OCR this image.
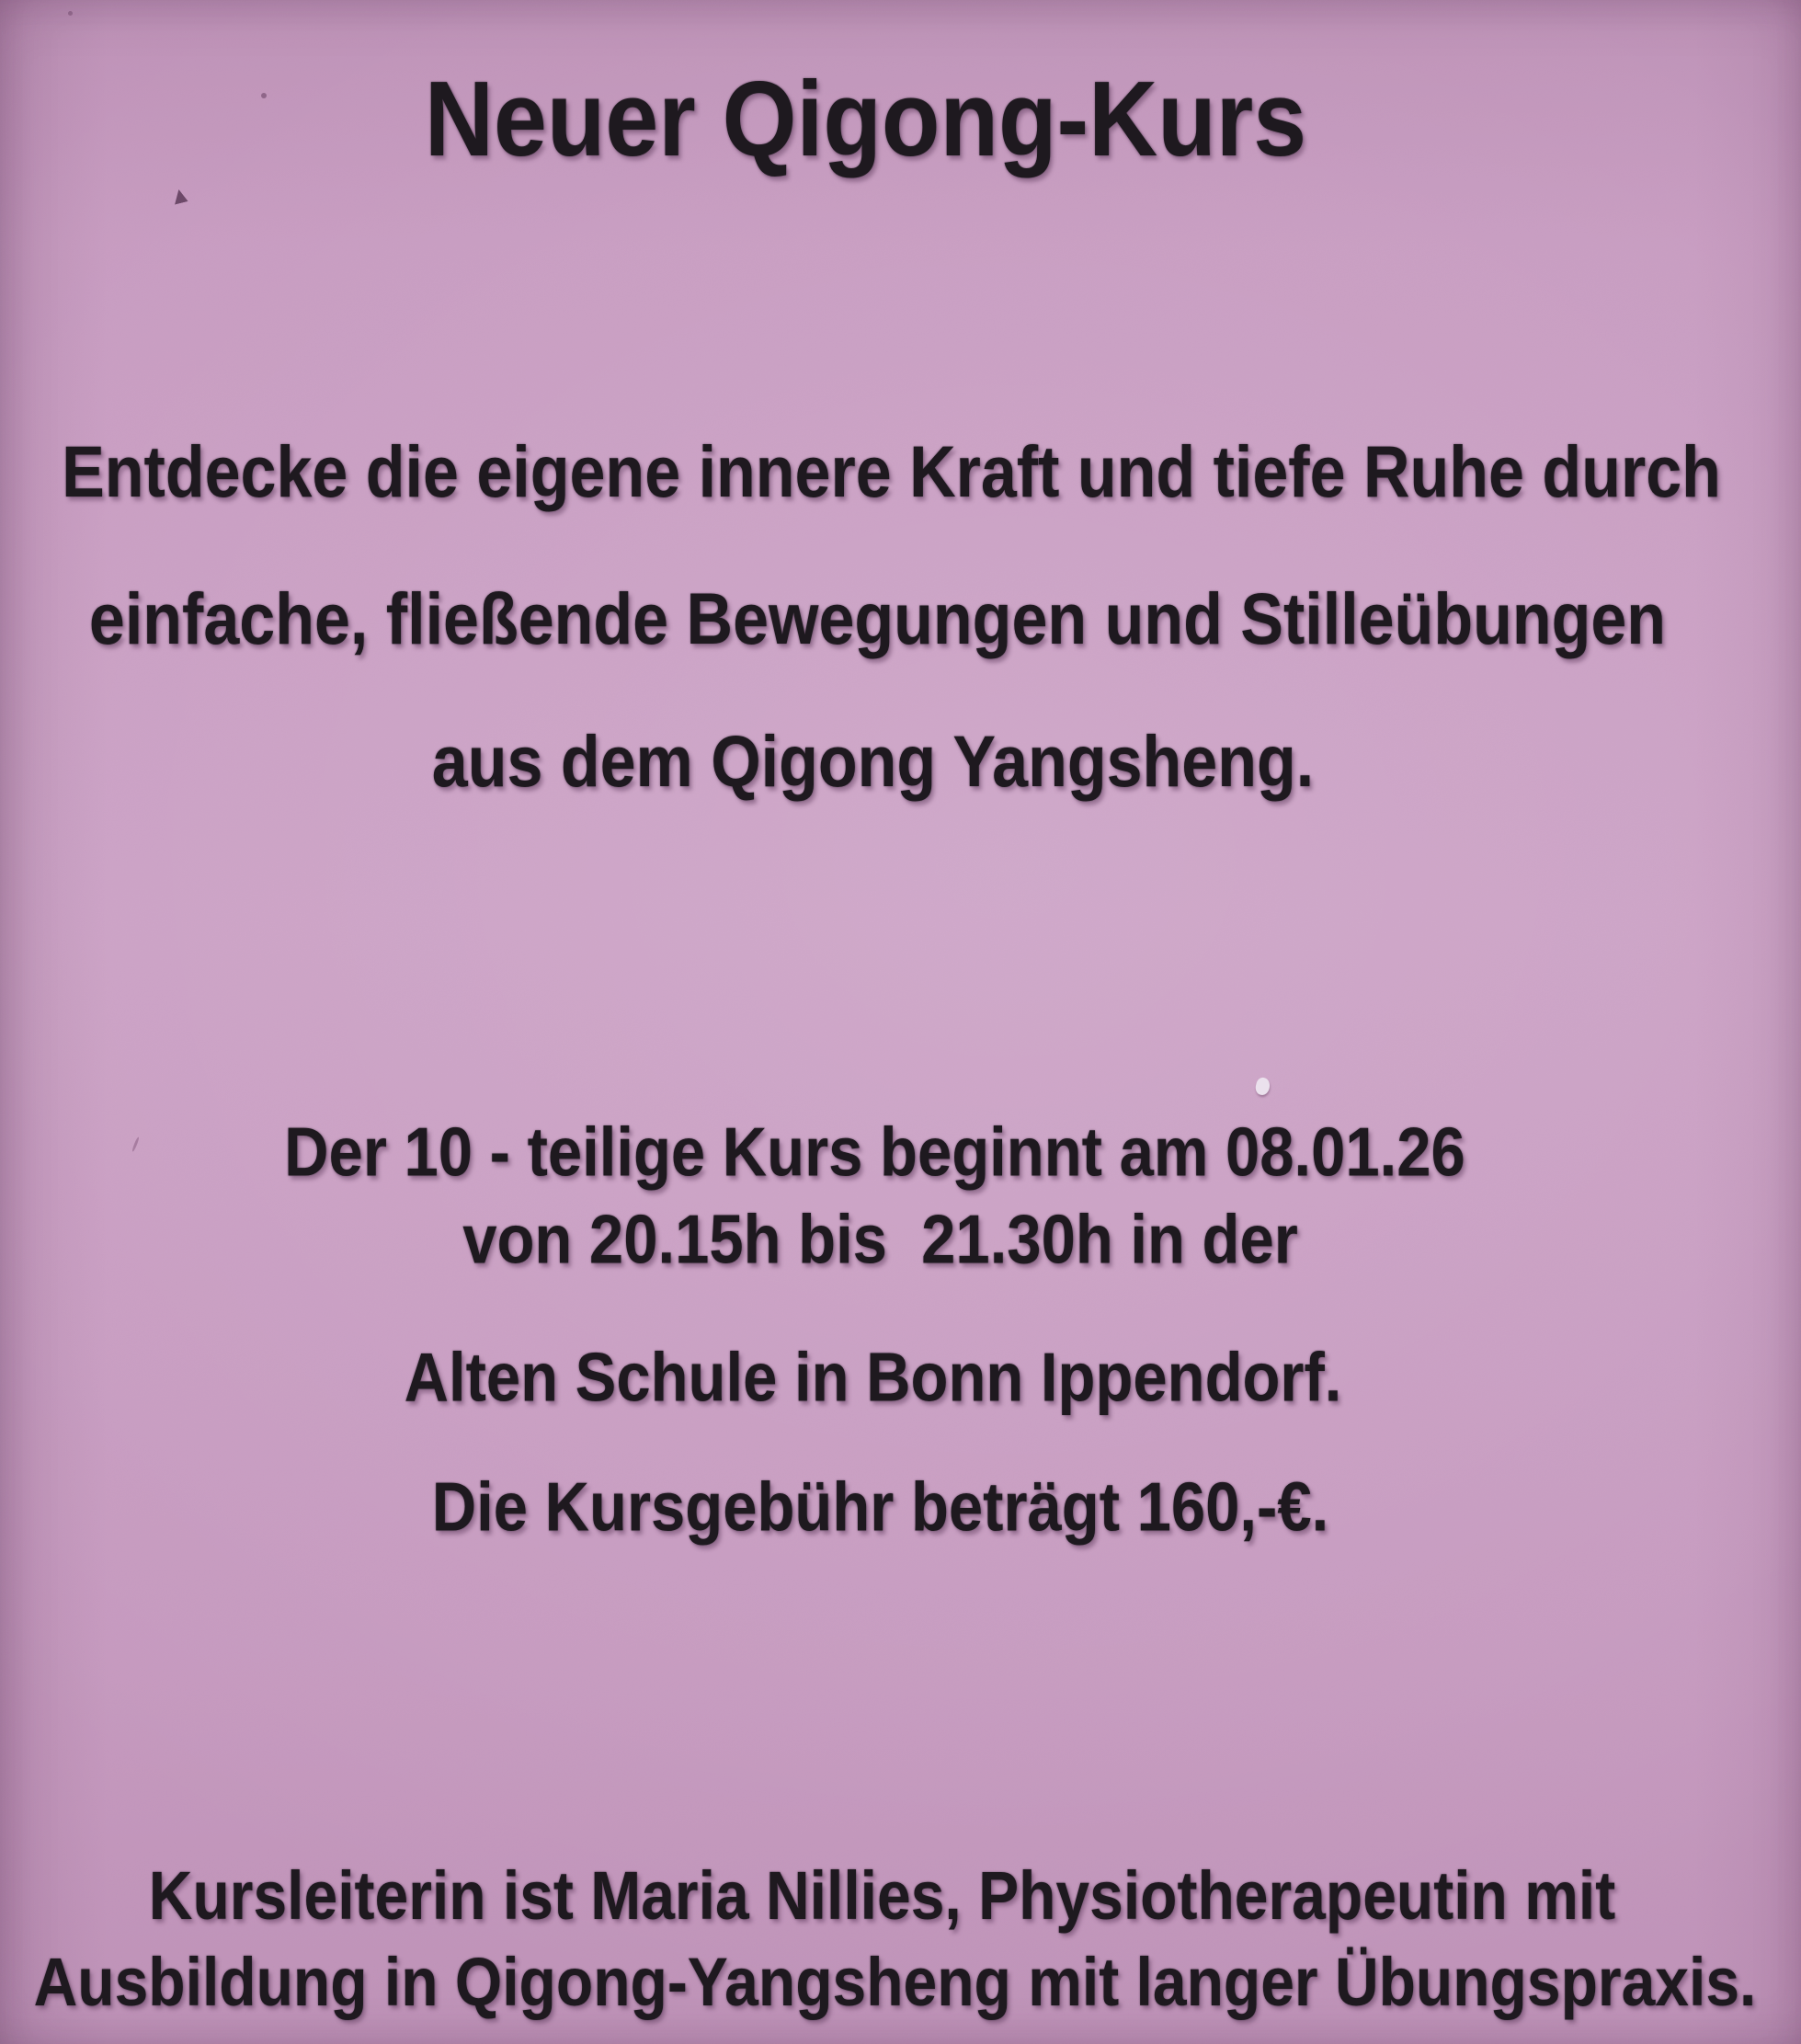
Neuer Qigong-Kurs

Entdecke die eigene innere Kraft und tiefe Ruhe durch

einfache, fließende Bewegungen und Stilleübungen

aus dem Qigong Yangsheng.

Der 10 - teilige Kurs beginnt am 08.01.26

von 20.15h bis  21.30h in der

Alten Schule in Bonn Ippendorf.

Die Kursgebühr beträgt 160,-€.

Kursleiterin ist Maria Nillies, Physiotherapeutin mit

Ausbildung in Qigong-Yangsheng mit langer Übungspraxis.
